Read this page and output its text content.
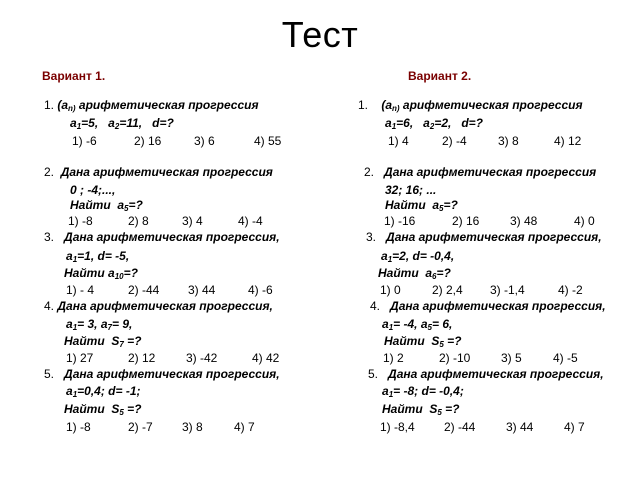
Тест
Вариант 1.	Вариант 2.
1. ($a_{n)}$ арифметическая прогрессия
$a_1=5$, $a_2=11$, d=?
1) -6	2) 16	3) 6	4) 55
2. Дана арифметическая прогрессия
0 ; -4;...,
Найти $a_5=$?
1) -8	2) 8	3) 4	4) -4
3. Дана арифметическая прогрессия,
$a_1=1$, d= -5,
Найти $a_{10}=$?
1) - 4	2) -44 3) 44	4) -6
4. Дана арифметическая прогрессия,
$a_1= 3$, $a_7= 9$,
Найти $S_7$ =?
1) 27	2) 12	3) -42	4) 42
5. Дана арифметическая прогрессия,
$a_1=0,4$; d= -1;
Найти $S_5$ =?
1) -8	2) -7 3) 8	4) 7
1. ($a_{n)}$ арифметическая прогрессия
$a_1=6$, $a_2=2$, d=?
1) 4	2) -4	3) 8	4) 12
2. Дана арифметическая прогрессия
32; 16; ...
Найти $a_5=$?
1) -16	2) 16	3) 48	4) 0
3. Дана арифметическая прогрессия,
$a_1=2$, d= -0,4,
Найти $a_6=$?
1) 0	2) 2,4 3) -1,4	4) -2
4. Дана арифметическая прогрессия,
$a_1= -4$, $a_5= 6$,
Найти $S_5$ =?
1) 2	2) -10	3) 5	4) -5
5. Дана арифметическая прогрессия,
$a_1= -8$; d= -0,4;
Найти $S_5$ =?
1) -8,4 2) -44	3) 44	4) 7
